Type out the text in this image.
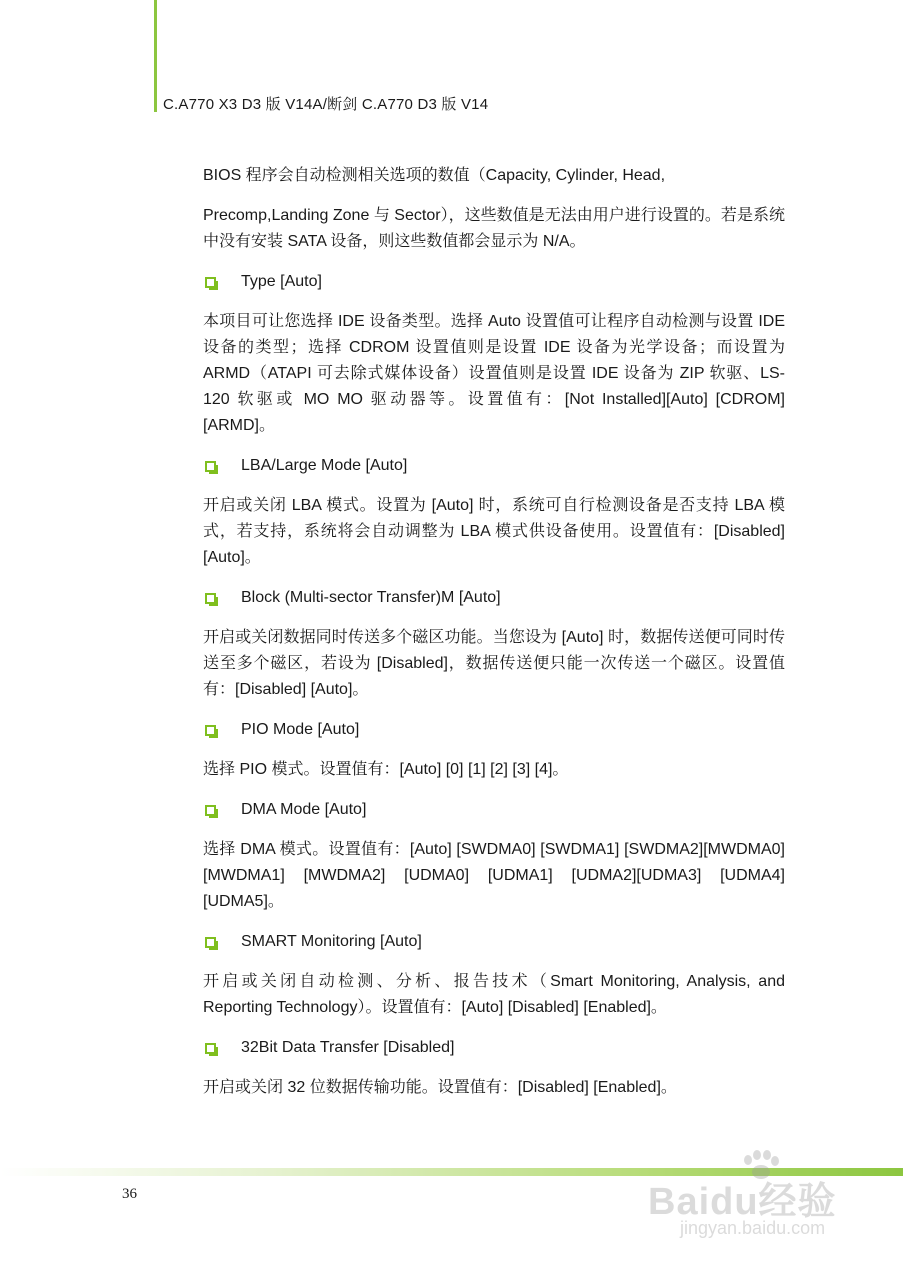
C.A770 X3 D3 版 V14A/断剑 C.A770 D3 版 V14

BIOS 程序会自动检测相关选项的数值（Capacity, Cylinder, Head,

Precomp,Landing Zone 与 Sector），这些数值是无法由用户进行设置的。若是系统中没有安装 SATA 设备，则这些数值都会显示为 N/A。

Type [Auto]

本项目可让您选择 IDE 设备类型。选择 Auto 设置值可让程序自动检测与设置 IDE 设备的类型；选择 CDROM 设置值则是设置 IDE 设备为光学设备；而设置为 ARMD（ATAPI 可去除式媒体设备）设置值则是设置 IDE 设备为 ZIP 软驱、LS-120 软驱或 MO MO 驱动器等。设置值有：[Not Installed][Auto] [CDROM] [ARMD]。

LBA/Large Mode [Auto]

开启或关闭 LBA 模式。设置为 [Auto] 时，系统可自行检测设备是否支持 LBA 模式，若支持，系统将会自动调整为 LBA 模式供设备使用。设置值有：[Disabled] [Auto]。

Block (Multi-sector Transfer)M [Auto]

开启或关闭数据同时传送多个磁区功能。当您设为 [Auto] 时，数据传送便可同时传送至多个磁区，若设为 [Disabled]，数据传送便只能一次传送一个磁区。设置值有：[Disabled] [Auto]。

PIO Mode [Auto]

选择 PIO 模式。设置值有：[Auto] [0] [1] [2] [3] [4]。

DMA Mode [Auto]

选择 DMA 模式。设置值有：[Auto] [SWDMA0] [SWDMA1] [SWDMA2][MWDMA0] [MWDMA1] [MWDMA2] [UDMA0] [UDMA1] [UDMA2][UDMA3] [UDMA4] [UDMA5]。

SMART Monitoring [Auto]

开启或关闭自动检测、分析、报告技术（Smart Monitoring, Analysis, and Reporting Technology）。设置值有：[Auto] [Disabled] [Enabled]。

32Bit Data Transfer [Disabled]

开启或关闭 32 位数据传输功能。设置值有：[Disabled] [Enabled]。

36	Baidu经验
jingyan.baidu.com
